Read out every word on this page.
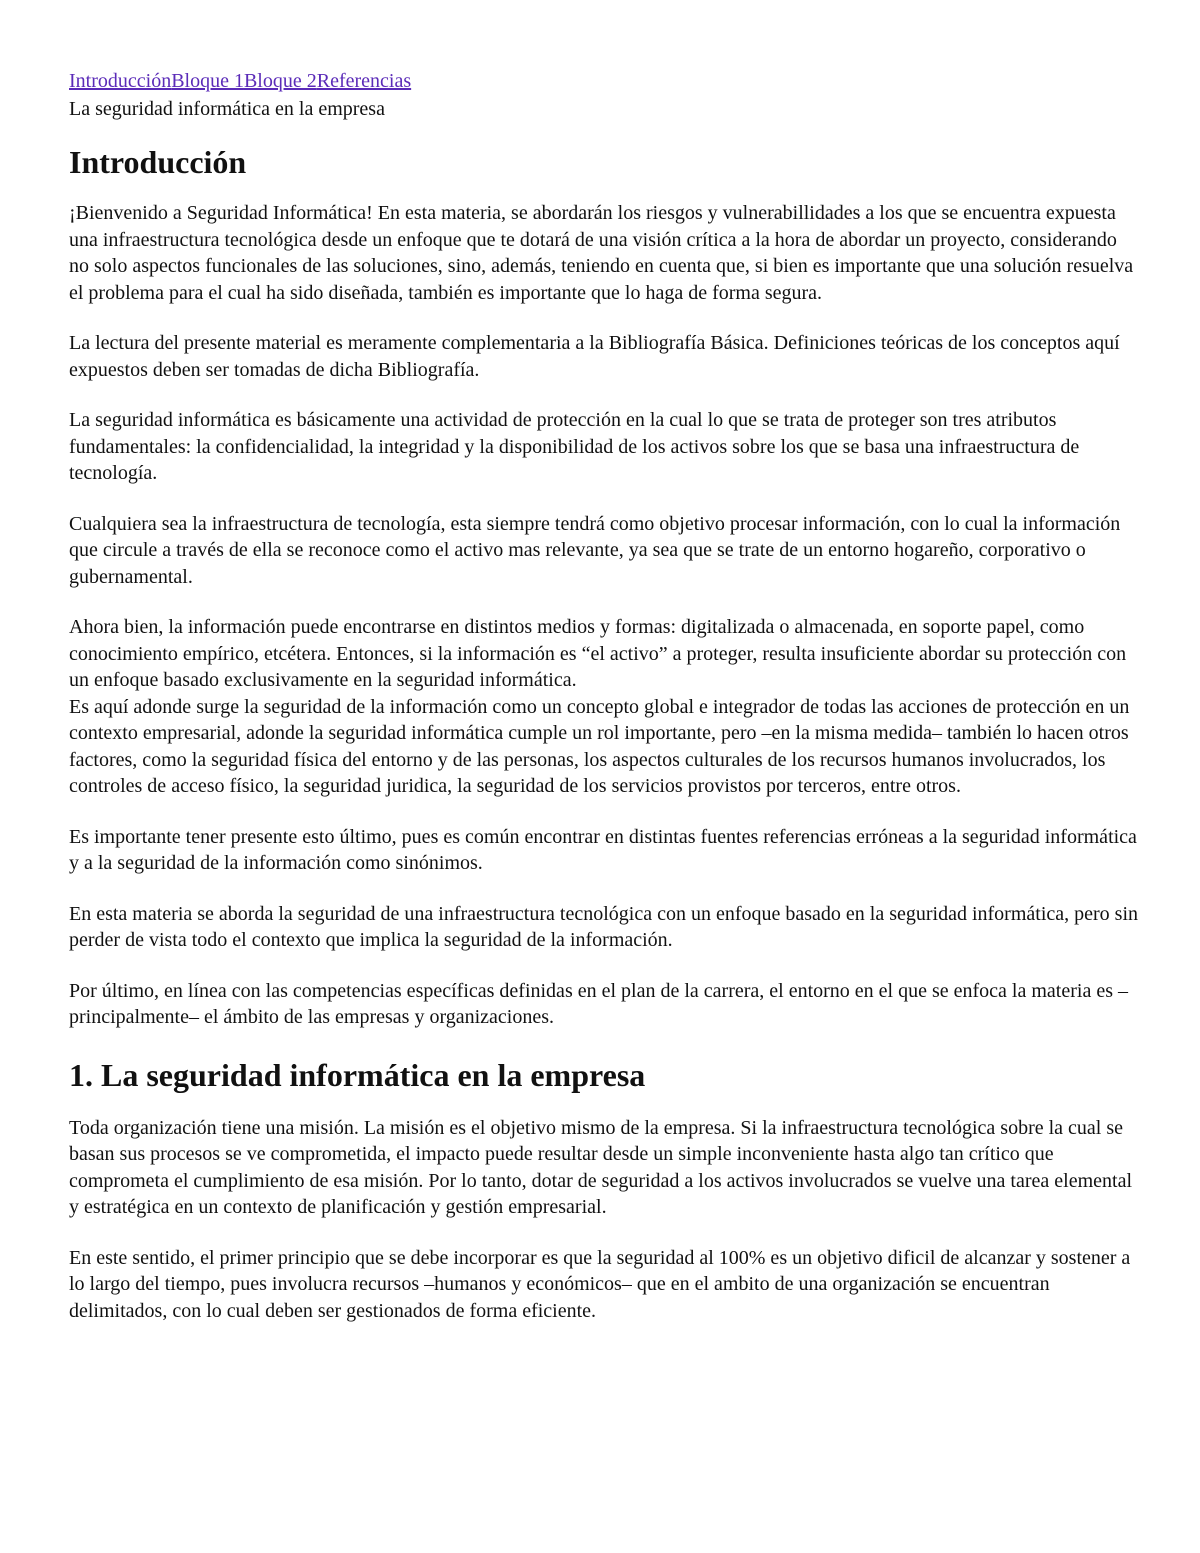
IntroducciónBloque 1Bloque 2Referencias
La seguridad informática en la empresa
Introducción

¡Bienvenido a Seguridad Informática! En esta materia, se abordarán los riesgos y vulnerabillidades a los que se encuentra expuesta una infraestructura tecnológica desde un enfoque que te dotará de una visión crítica a la hora de abordar un proyecto, considerando no solo aspectos funcionales de las soluciones, sino, además, teniendo en cuenta que, si bien es importante que una solución resuelva el problema para el cual ha sido diseñada, también es importante que lo haga de forma segura.

La lectura del presente material es meramente complementaria a la Bibliografía Básica. Definiciones teóricas de los conceptos aquí expuestos deben ser tomadas de dicha Bibliografía.

La seguridad informática es básicamente una actividad de protección en la cual lo que se trata de proteger son tres atributos fundamentales: la confidencialidad, la integridad y la disponibilidad de los activos sobre los que se basa una infraestructura de tecnología.

Cualquiera sea la infraestructura de tecnología, esta siempre tendrá como objetivo procesar información, con lo cual la información que circule a través de ella se reconoce como el activo mas relevante, ya sea que se trate de un entorno hogareño, corporativo o gubernamental.

Ahora bien, la información puede encontrarse en distintos medios y formas: digitalizada o almacenada, en soporte papel, como conocimiento empírico, etcétera. Entonces, si la información es “el activo” a proteger, resulta insuficiente abordar su protección con un enfoque basado exclusivamente en la seguridad informática.

Es aquí adonde surge la seguridad de la información como un concepto global e integrador de todas las acciones de protección en un contexto empresarial, adonde la seguridad informática cumple un rol importante, pero –en la misma medida– también lo hacen otros factores, como la seguridad física del entorno y de las personas, los aspectos culturales de los recursos humanos involucrados, los controles de acceso físico, la seguridad juridica, la seguridad de los servicios provistos por terceros, entre otros.

Es importante tener presente esto último, pues es común encontrar en distintas fuentes referencias erróneas a la seguridad informática y a la seguridad de la información como sinónimos.

En esta materia se aborda la seguridad de una infraestructura tecnológica con un enfoque basado en la seguridad informática, pero sin perder de vista todo el contexto que implica la seguridad de la información.

Por último, en línea con las competencias específicas definidas en el plan de la carrera, el entorno en el que se enfoca la materia es –principalmente– el ámbito de las empresas y organizaciones.

1. La seguridad informática en la empresa

Toda organización tiene una misión. La misión es el objetivo mismo de la empresa. Si la infraestructura tecnológica sobre la cual se basan sus procesos se ve comprometida, el impacto puede resultar desde un simple inconveniente hasta algo tan crítico que comprometa el cumplimiento de esa misión. Por lo tanto, dotar de seguridad a los activos involucrados se vuelve una tarea elemental y estratégica en un contexto de planificación y gestión empresarial.

En este sentido, el primer principio que se debe incorporar es que la seguridad al 100% es un objetivo dificil de alcanzar y sostener a lo largo del tiempo, pues involucra recursos –humanos y económicos– que en el ambito de una organización se encuentran delimitados, con lo cual deben ser gestionados de forma eficiente.
